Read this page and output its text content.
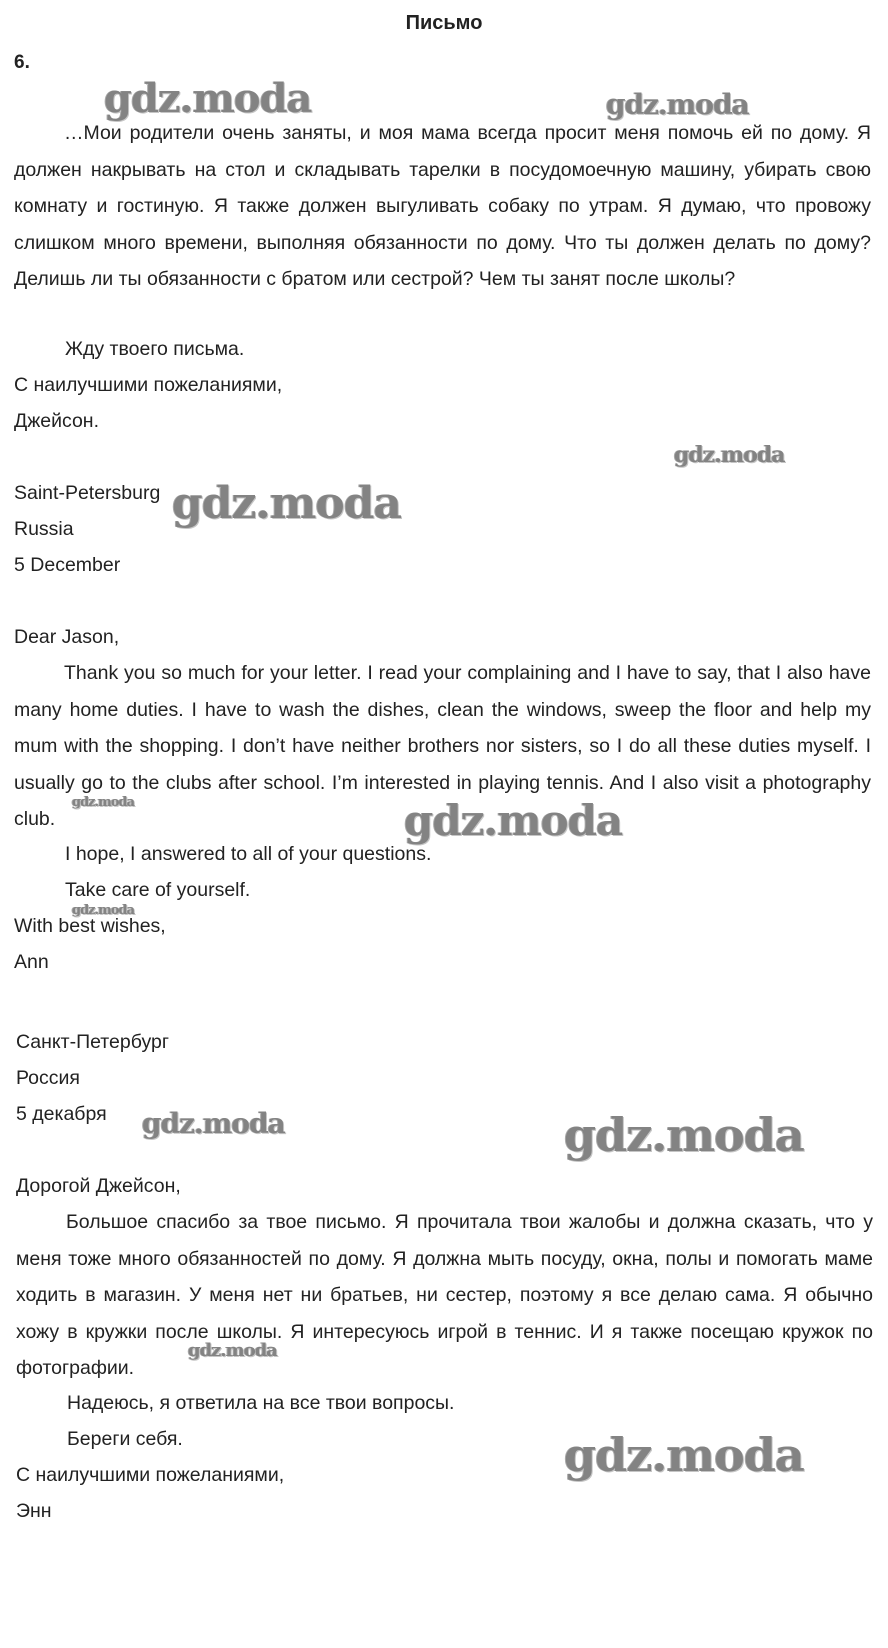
Письмо
6.

…Мои родители очень заняты, и моя мама всегда просит меня помочь ей по дому. Я должен накрывать на стол и складывать тарелки в посудомоечную машину, убирать свою комнату и гостиную. Я также должен выгуливать собаку по утрам. Я думаю, что провожу слишком много времени, выполняя обязанности по дому. Что ты должен делать по дому? Делишь ли ты обязанности с братом или сестрой? Чем ты занят после школы?

Жду твоего письма.
С наилучшими пожеланиями,
Джейсон.
Saint-Petersburg
Russia
5 December
Dear Jason,

Thank you so much for your letter. I read your complaining and I have to say, that I also have many home duties. I have to wash the dishes, clean the windows, sweep the floor and help my mum with the shopping. I don’t have neither brothers nor sisters, so I do all these duties myself. I usually go to the clubs after school. I’m interested in playing tennis. And I also visit a photography club.

I hope, I answered to all of your questions.
Take care of yourself.
With best wishes,
Ann
Санкт-Петербург
Россия
5 декабря
Дорогой Джейсон,

Большое спасибо за твое письмо. Я прочитала твои жалобы и должна сказать, что у меня тоже много обязанностей по дому. Я должна мыть посуду, окна, полы и помогать маме ходить в магазин. У меня нет ни братьев, ни сестер, поэтому я все делаю сама. Я обычно хожу в кружки после школы. Я интересуюсь игрой в теннис. И я также посещаю кружок по фотографии.

Надеюсь, я ответила на все твои вопросы.
Береги себя.
С наилучшими пожеланиями,
Энн
gdz.moda	gdz.moda
gdz.moda
gdz.moda
gdz.moda	gdz.moda
gdz.moda
gdz.moda	gdz.moda
gdz.moda
gdz.moda
